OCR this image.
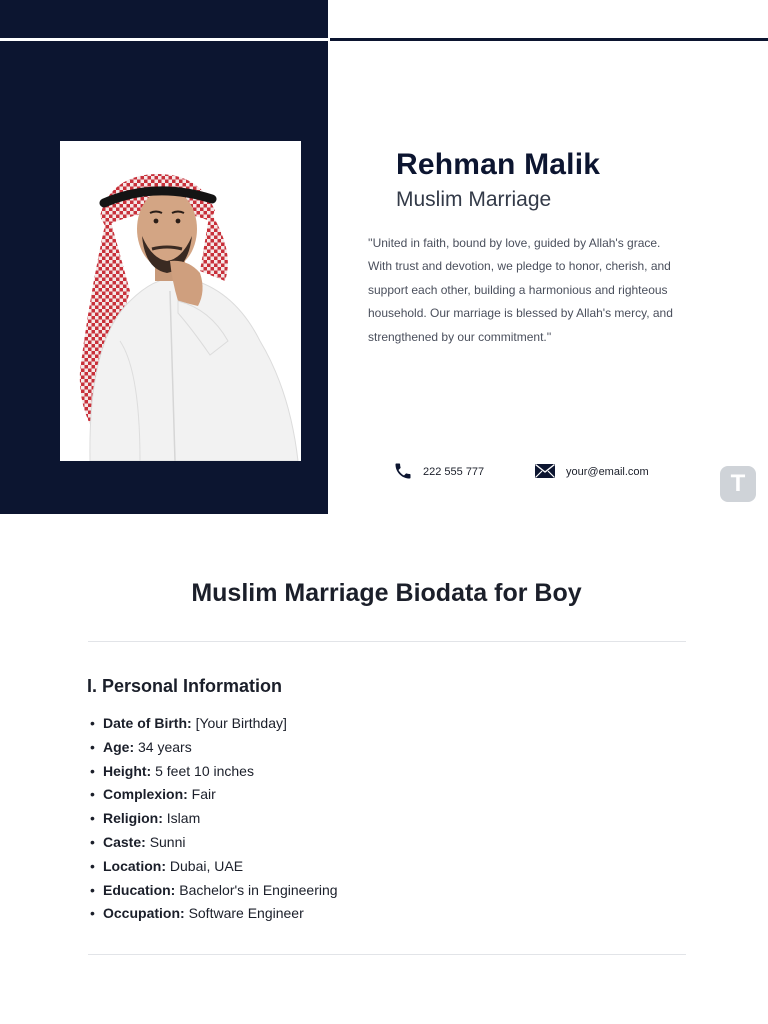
Rehman Malik
Muslim Marriage
''United in faith, bound by love, guided by Allah's grace. With trust and devotion, we pledge to honor, cherish, and support each other, building a harmonious and righteous household. Our marriage is blessed by Allah's mercy, and strengthened by our commitment.''
222 555 777	your@email.com	T
Muslim Marriage Biodata for Boy
I. Personal Information
• Date of Birth: [Your Birthday]
• Age: 34 years
• Height: 5 feet 10 inches
• Complexion: Fair
• Religion: Islam
• Caste: Sunni
• Location: Dubai, UAE
• Education: Bachelor's in Engineering
• Occupation: Software Engineer
